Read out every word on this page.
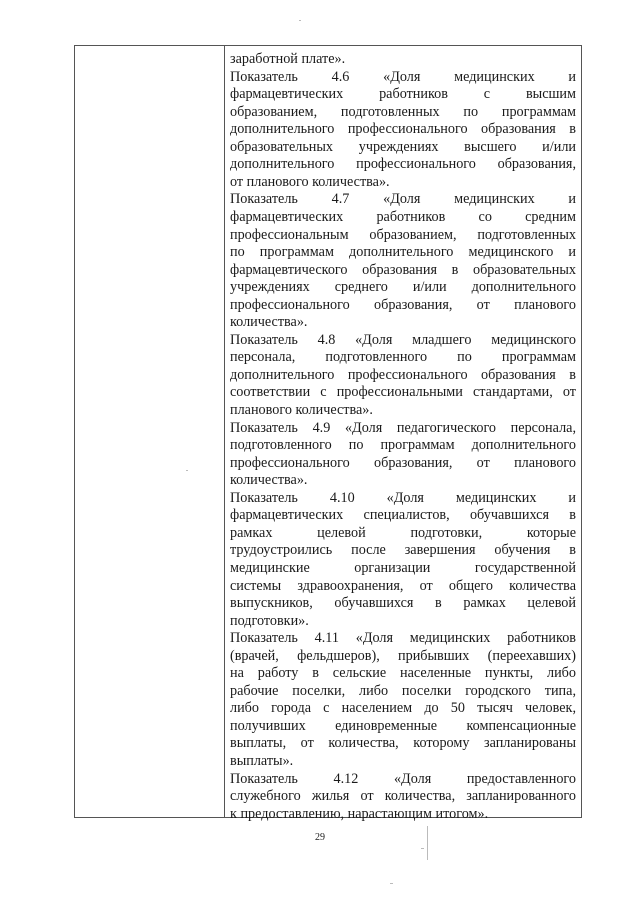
заработной плате».
Показатель 4.6 «Доля медицинских и
фармацевтических работников с высшим
образованием, подготовленных по программам
дополнительного профессионального образования в
образовательных учреждениях высшего и/или
дополнительного профессионального образования,
от планового количества».
Показатель 4.7 «Доля медицинских и
фармацевтических работников со средним
профессиональным образованием, подготовленных
по программам дополнительного медицинского и
фармацевтического образования в образовательных
учреждениях среднего и/или дополнительного
профессионального образования, от планового
количества».
Показатель 4.8 «Доля младшего медицинского
персонала, подготовленного по программам
дополнительного профессионального образования в
соответствии с профессиональными стандартами, от
планового количества».
Показатель 4.9 «Доля педагогического персонала,
подготовленного по программам дополнительного
профессионального образования, от планового
количества».
Показатель 4.10 «Доля медицинских и
фармацевтических специалистов, обучавшихся в
рамках целевой подготовки, которые
трудоустроились после завершения обучения в
медицинские организации государственной
системы здравоохранения, от общего количества
выпускников, обучавшихся в рамках целевой
подготовки».
Показатель 4.11 «Доля медицинских работников
(врачей, фельдшеров), прибывших (переехавших)
на работу в сельские населенные пункты, либо
рабочие поселки, либо поселки городского типа,
либо города с населением до 50 тысяч человек,
получивших единовременные компенсационные
выплаты, от количества, которому запланированы
выплаты».
Показатель 4.12 «Доля предоставленного
служебного жилья от количества, запланированного
к предоставлению, нарастающим итогом».
29
